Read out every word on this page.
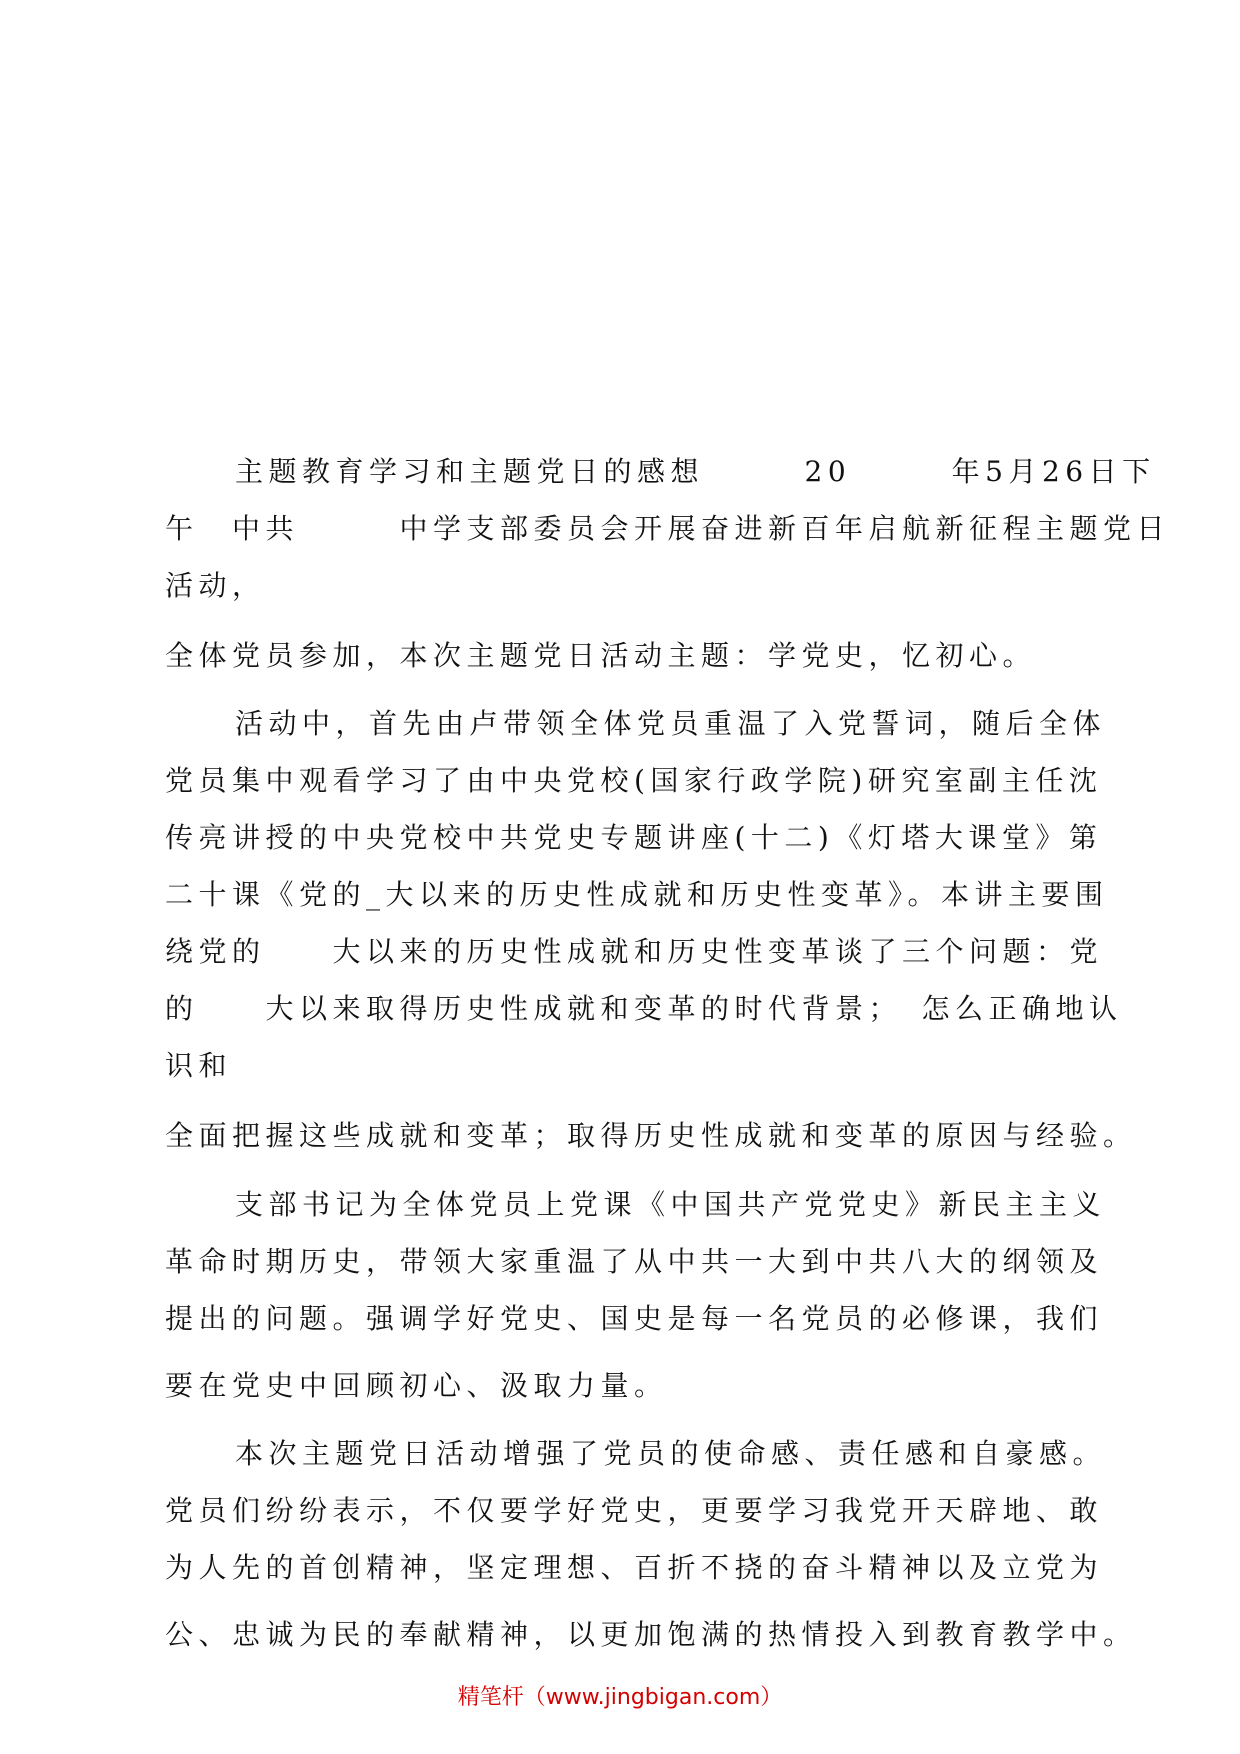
主题教育学习和主题党日的感想　　　20　　　年5月26日下

午　中共　　　中学支部委员会开展奋进新百年启航新征程主题党日

活动，

全体党员参加，本次主题党日活动主题：学党史，忆初心。

活动中，首先由卢带领全体党员重温了入党誓词，随后全体

党员集中观看学习了由中央党校(国家行政学院)研究室副主任沈

传亮讲授的中央党校中共党史专题讲座(十二)《灯塔大课堂》第

二十课《党的_大以来的历史性成就和历史性变革》。本讲主要围

绕党的　　大以来的历史性成就和历史性变革谈了三个问题：党

的　　大以来取得历史性成就和变革的时代背景；　怎么正确地认

识和

全面把握这些成就和变革；取得历史性成就和变革的原因与经验。

支部书记为全体党员上党课《中国共产党党史》新民主主义

革命时期历史，带领大家重温了从中共一大到中共八大的纲领及

提出的问题。强调学好党史、国史是每一名党员的必修课，我们

要在党史中回顾初心、汲取力量。

本次主题党日活动增强了党员的使命感、责任感和自豪感。

党员们纷纷表示，不仅要学好党史，更要学习我党开天辟地、敢

为人先的首创精神，坚定理想、百折不挠的奋斗精神以及立党为

公、忠诚为民的奉献精神，以更加饱满的热情投入到教育教学中。

精笔杆（www.jingbigan.com）
